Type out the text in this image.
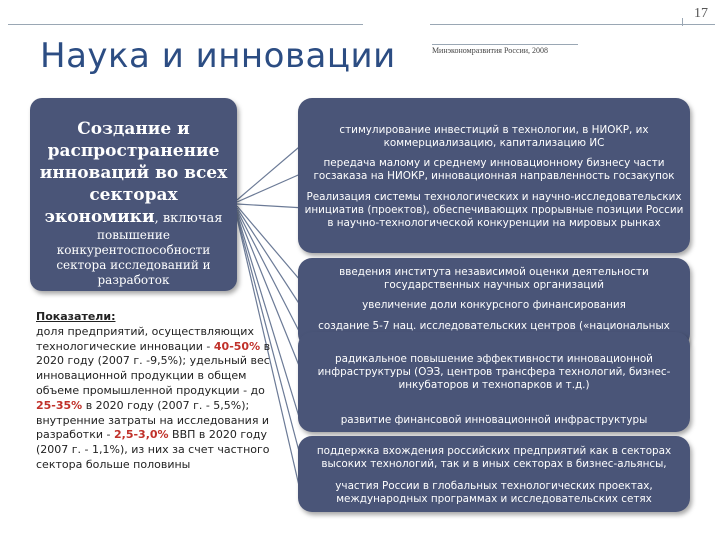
17
Наука и инновации	Минэкономразвития России, 2008
Создание и
распространение
инноваций во всех
секторах
экономики, включая
повышение
конкурентоспособности
сектора исследований и
разработок
Показатели:
доля предприятий, осуществляющих технологические инновации - 40-50% в 2020 году (2007 г. -9,5%); удельный вес инновационной продукции в общем объеме промышленной продукции - до 25-35% в 2020 году (2007 г. - 5,5%); внутренние затраты на исследования и разработки - 2,5-3,0% ВВП в 2020 году (2007 г. - 1,1%), из них за счет частного сектора больше половины
стимулирование инвестиций в технологии, в НИОКР, их коммерциализацию, капитализацию ИС
передача малому и среднему инновационному бизнесу части госзаказа на НИОКР, инновационная направленность госзакупок
Реализация системы технологических и научно-исследовательских инициатив (проектов), обеспечивающих прорывные позиции России в научно-технологической конкуренции на мировых рынках
введения института независимой оценки деятельности государственных научных организаций
увеличение доли конкурсного финансирования
создание 5-7 нац. исследовательских центров («национальных
радикальное повышение эффективности инновационной инфраструктуры (ОЭЗ, центров трансфера технологий, бизнес-инкубаторов и технопарков и т.д.)
развитие финансовой инновационной инфраструктуры
поддержка вхождения российских предприятий как в секторах высоких технологий, так и в иных секторах в бизнес-альянсы,
участия России в глобальных технологических проектах, международных программах и исследовательских сетях
